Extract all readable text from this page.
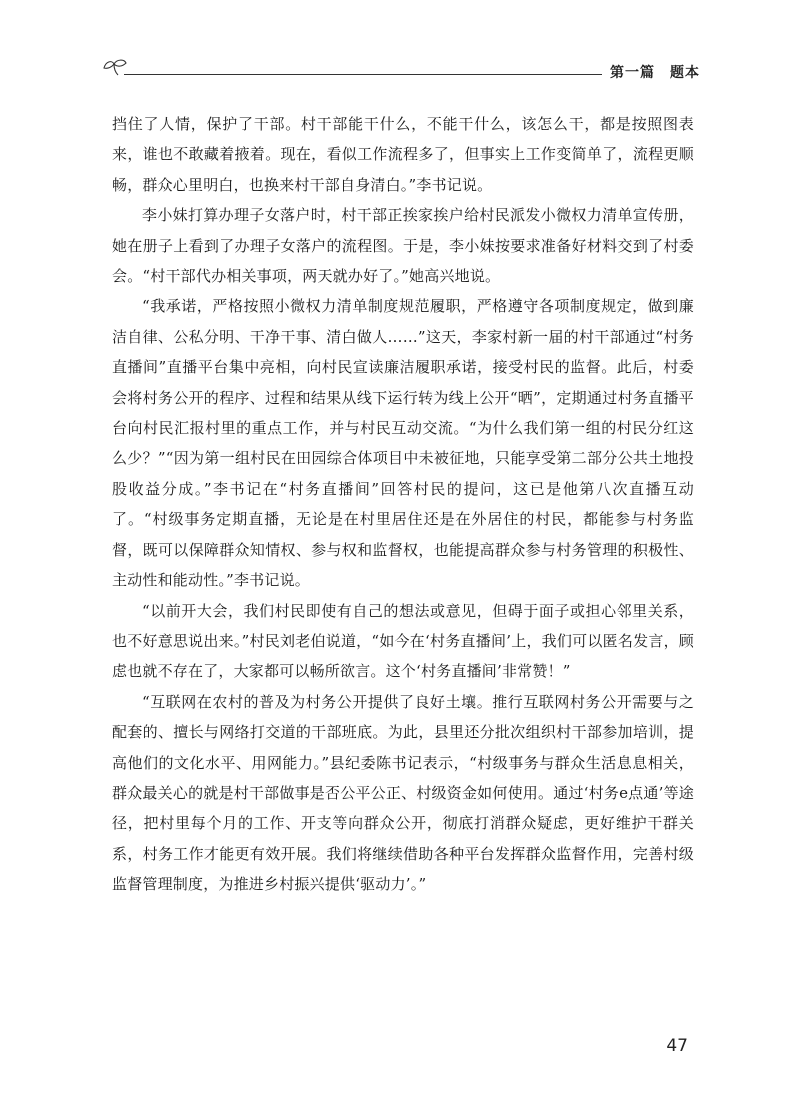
第一篇　题本

挡住了人情，保护了干部。村干部能干什么，不能干什么，该怎么干，都是按照图表来，谁也不敢藏着掖着。现在，看似工作流程多了，但事实上工作变简单了，流程更顺畅，群众心里明白，也换来村干部自身清白。”李书记说。

李小妹打算办理子女落户时，村干部正挨家挨户给村民派发小微权力清单宣传册，她在册子上看到了办理子女落户的流程图。于是，李小妹按要求准备好材料交到了村委会。“村干部代办相关事项，两天就办好了。”她高兴地说。

“我承诺，严格按照小微权力清单制度规范履职，严格遵守各项制度规定，做到廉洁自律、公私分明、干净干事、清白做人……”这天，李家村新一届的村干部通过“村务直播间”直播平台集中亮相，向村民宣读廉洁履职承诺，接受村民的监督。此后，村委会将村务公开的程序、过程和结果从线下运行转为线上公开“晒”，定期通过村务直播平台向村民汇报村里的重点工作，并与村民互动交流。“为什么我们第一组的村民分红这么少？”“因为第一组村民在田园综合体项目中未被征地，只能享受第二部分公共土地投股收益分成。”李书记在“村务直播间”回答村民的提问，这已是他第八次直播互动了。“村级事务定期直播，无论是在村里居住还是在外居住的村民，都能参与村务监督，既可以保障群众知情权、参与权和监督权，也能提高群众参与村务管理的积极性、主动性和能动性。”李书记说。

“以前开大会，我们村民即使有自己的想法或意见，但碍于面子或担心邻里关系，也不好意思说出来。”村民刘老伯说道，“如今在‘村务直播间’上，我们可以匿名发言，顾虑也就不存在了，大家都可以畅所欲言。这个‘村务直播间’非常赞！”

“互联网在农村的普及为村务公开提供了良好土壤。推行互联网村务公开需要与之配套的、擅长与网络打交道的干部班底。为此，县里还分批次组织村干部参加培训，提高他们的文化水平、用网能力。”县纪委陈书记表示，“村级事务与群众生活息息相关，群众最关心的就是村干部做事是否公平公正、村级资金如何使用。通过‘村务e点通’等途径，把村里每个月的工作、开支等向群众公开，彻底打消群众疑虑，更好维护干群关系，村务工作才能更有效开展。我们将继续借助各种平台发挥群众监督作用，完善村级监督管理制度，为推进乡村振兴提供‘驱动力’。”

47
